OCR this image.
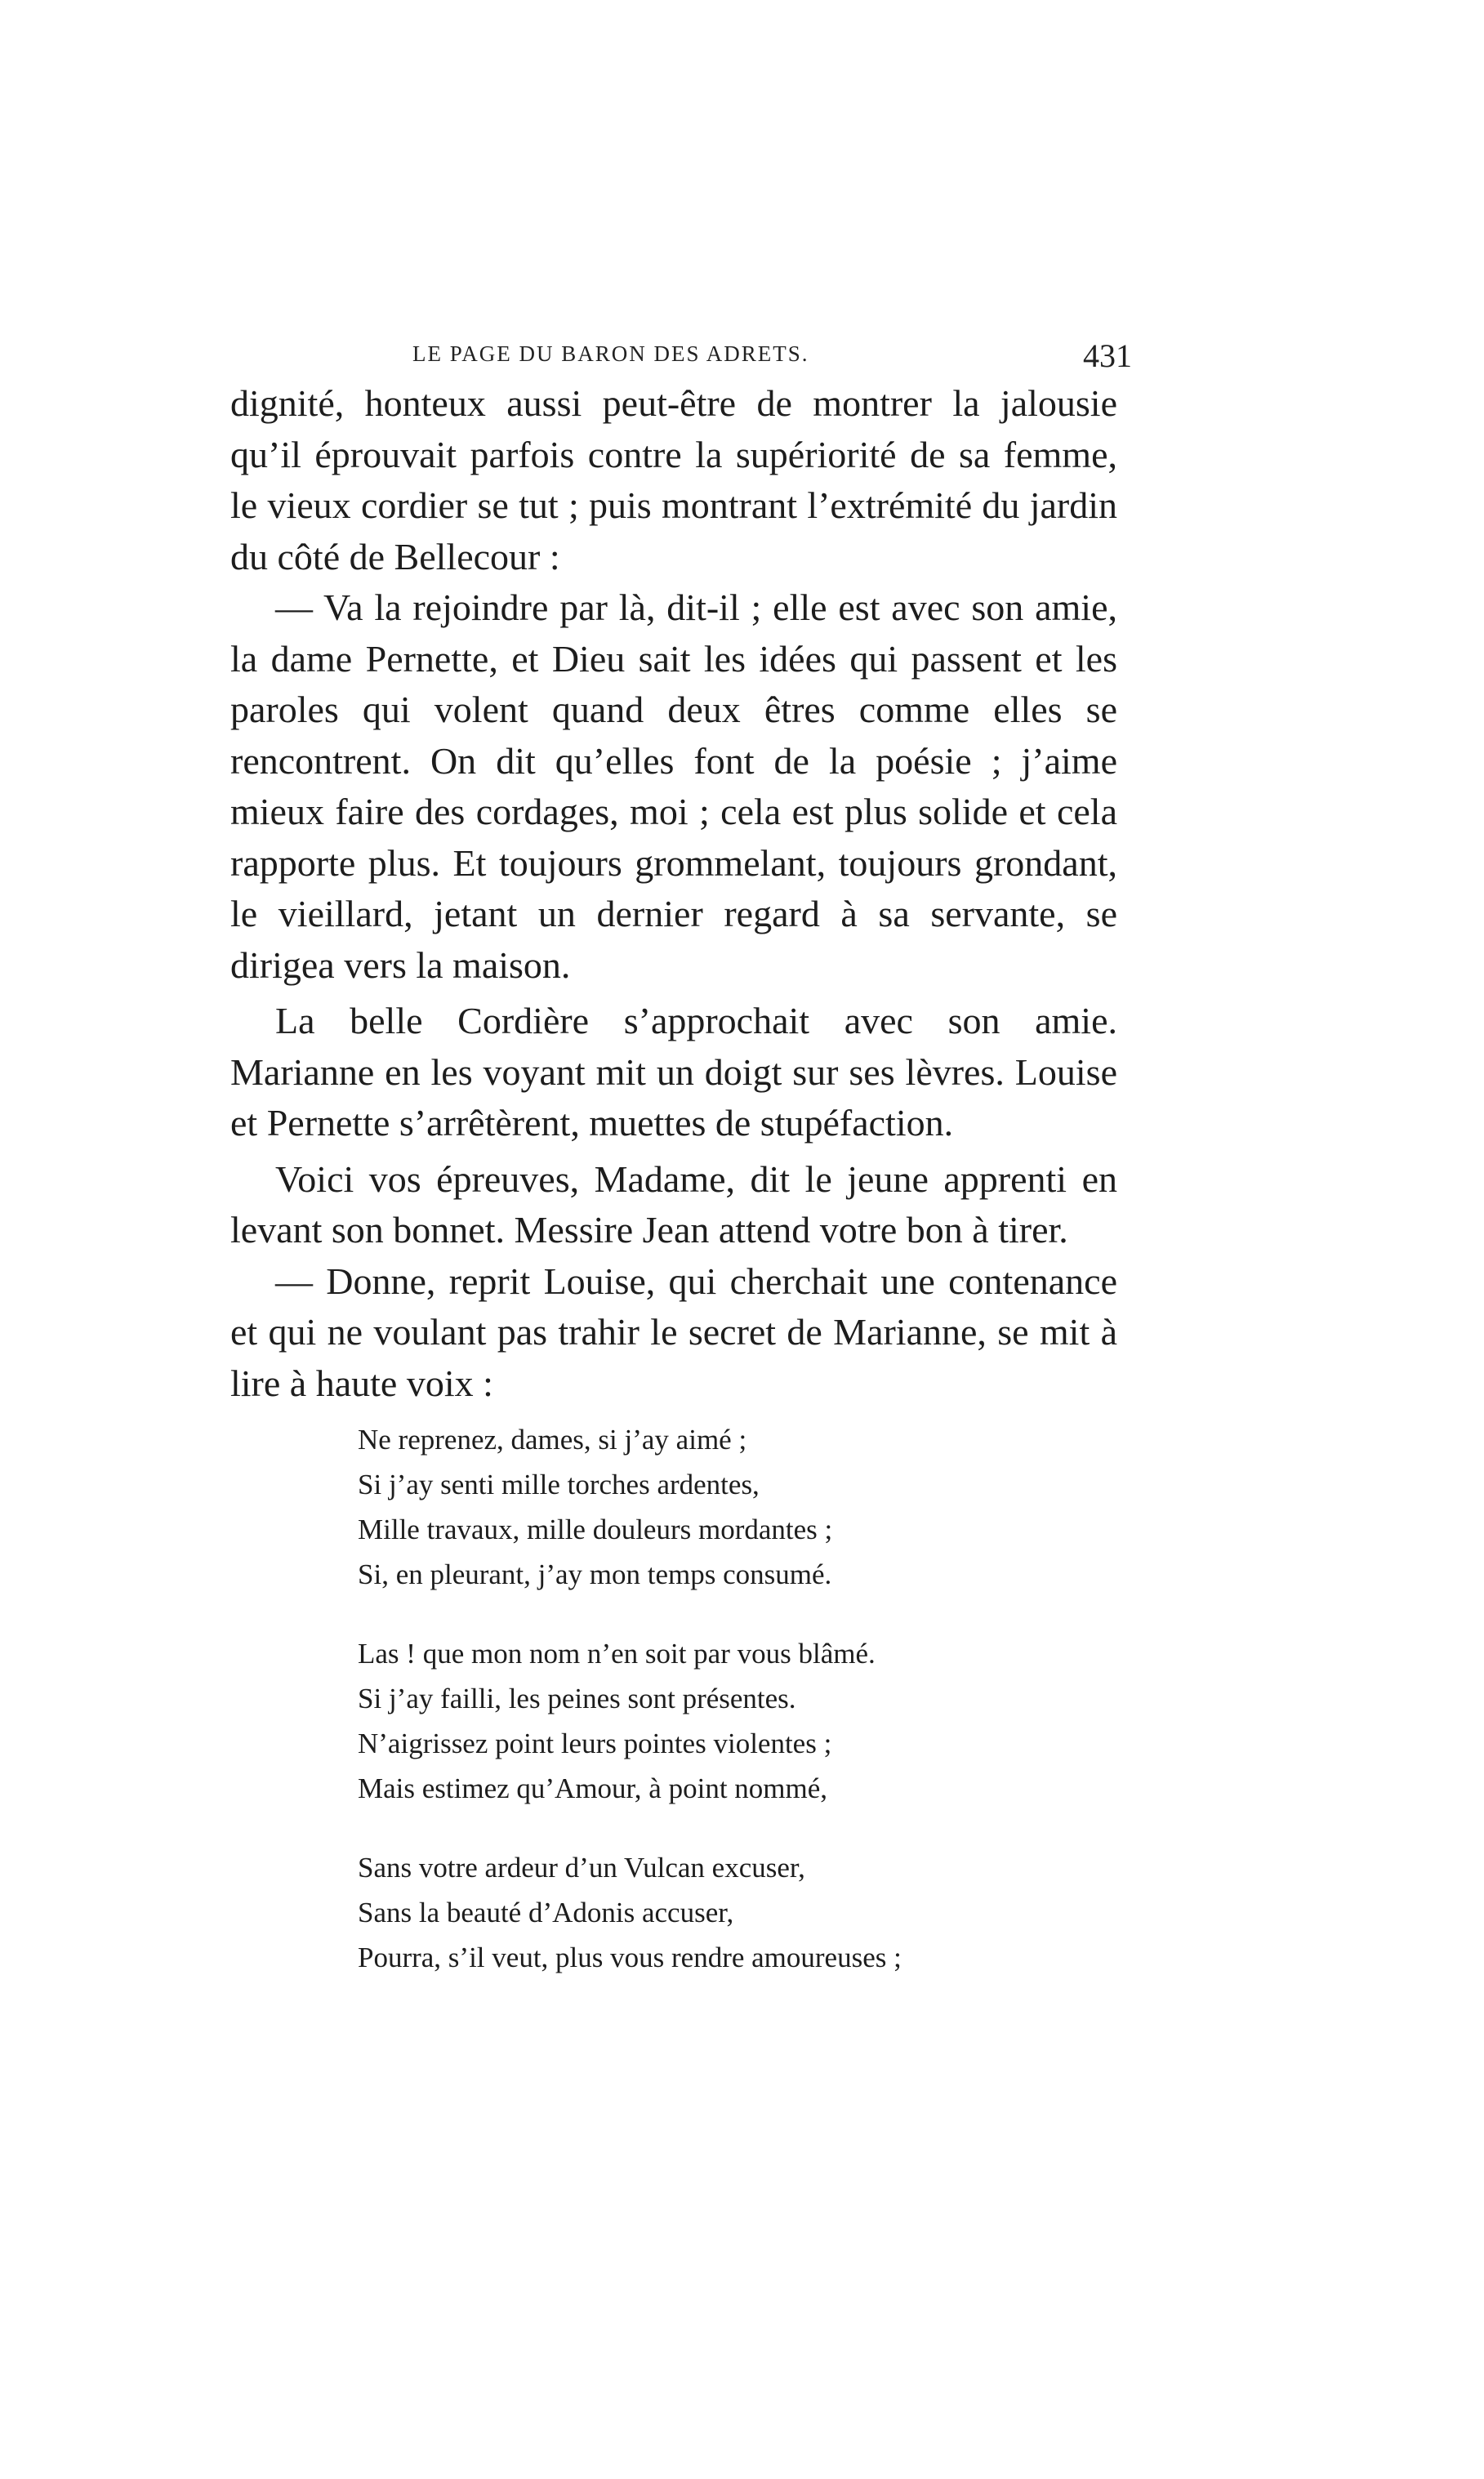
LE PAGE DU BARON DES ADRETS.	431

dignité, honteux aussi peut-être de montrer la jalousie qu’il éprouvait parfois contre la supériorité de sa femme, le vieux cordier se tut ; puis montrant l’extrémité du jardin du côté de Bellecour :

— Va la rejoindre par là, dit-il ; elle est avec son amie, la dame Pernette, et Dieu sait les idées qui passent et les paroles qui volent quand deux êtres comme elles se rencontrent. On dit qu’elles font de la poésie ; j’aime mieux faire des cordages, moi ; cela est plus solide et cela rapporte plus. Et toujours grommelant, toujours grondant, le vieillard, jetant un dernier regard à sa servante, se dirigea vers la maison.

La belle Cordière s’approchait avec son amie. Marianne en les voyant mit un doigt sur ses lèvres. Louise et Pernette s’arrêtèrent, muettes de stupéfaction.

Voici vos épreuves, Madame, dit le jeune apprenti en levant son bonnet. Messire Jean attend votre bon à tirer.

— Donne, reprit Louise, qui cherchait une contenance et qui ne voulant pas trahir le secret de Marianne, se mit à lire à haute voix :

Ne reprenez, dames, si j’ay aimé ;
Si j’ay senti mille torches ardentes,
Mille travaux, mille douleurs mordantes ;
Si, en pleurant, j’ay mon temps consumé.
Las ! que mon nom n’en soit par vous blâmé.
Si j’ay failli, les peines sont présentes.
N’aigrissez point leurs pointes violentes ;
Mais estimez qu’Amour, à point nommé,
Sans votre ardeur d’un Vulcan excuser,
Sans la beauté d’Adonis accuser,
Pourra, s’il veut, plus vous rendre amoureuses ;
